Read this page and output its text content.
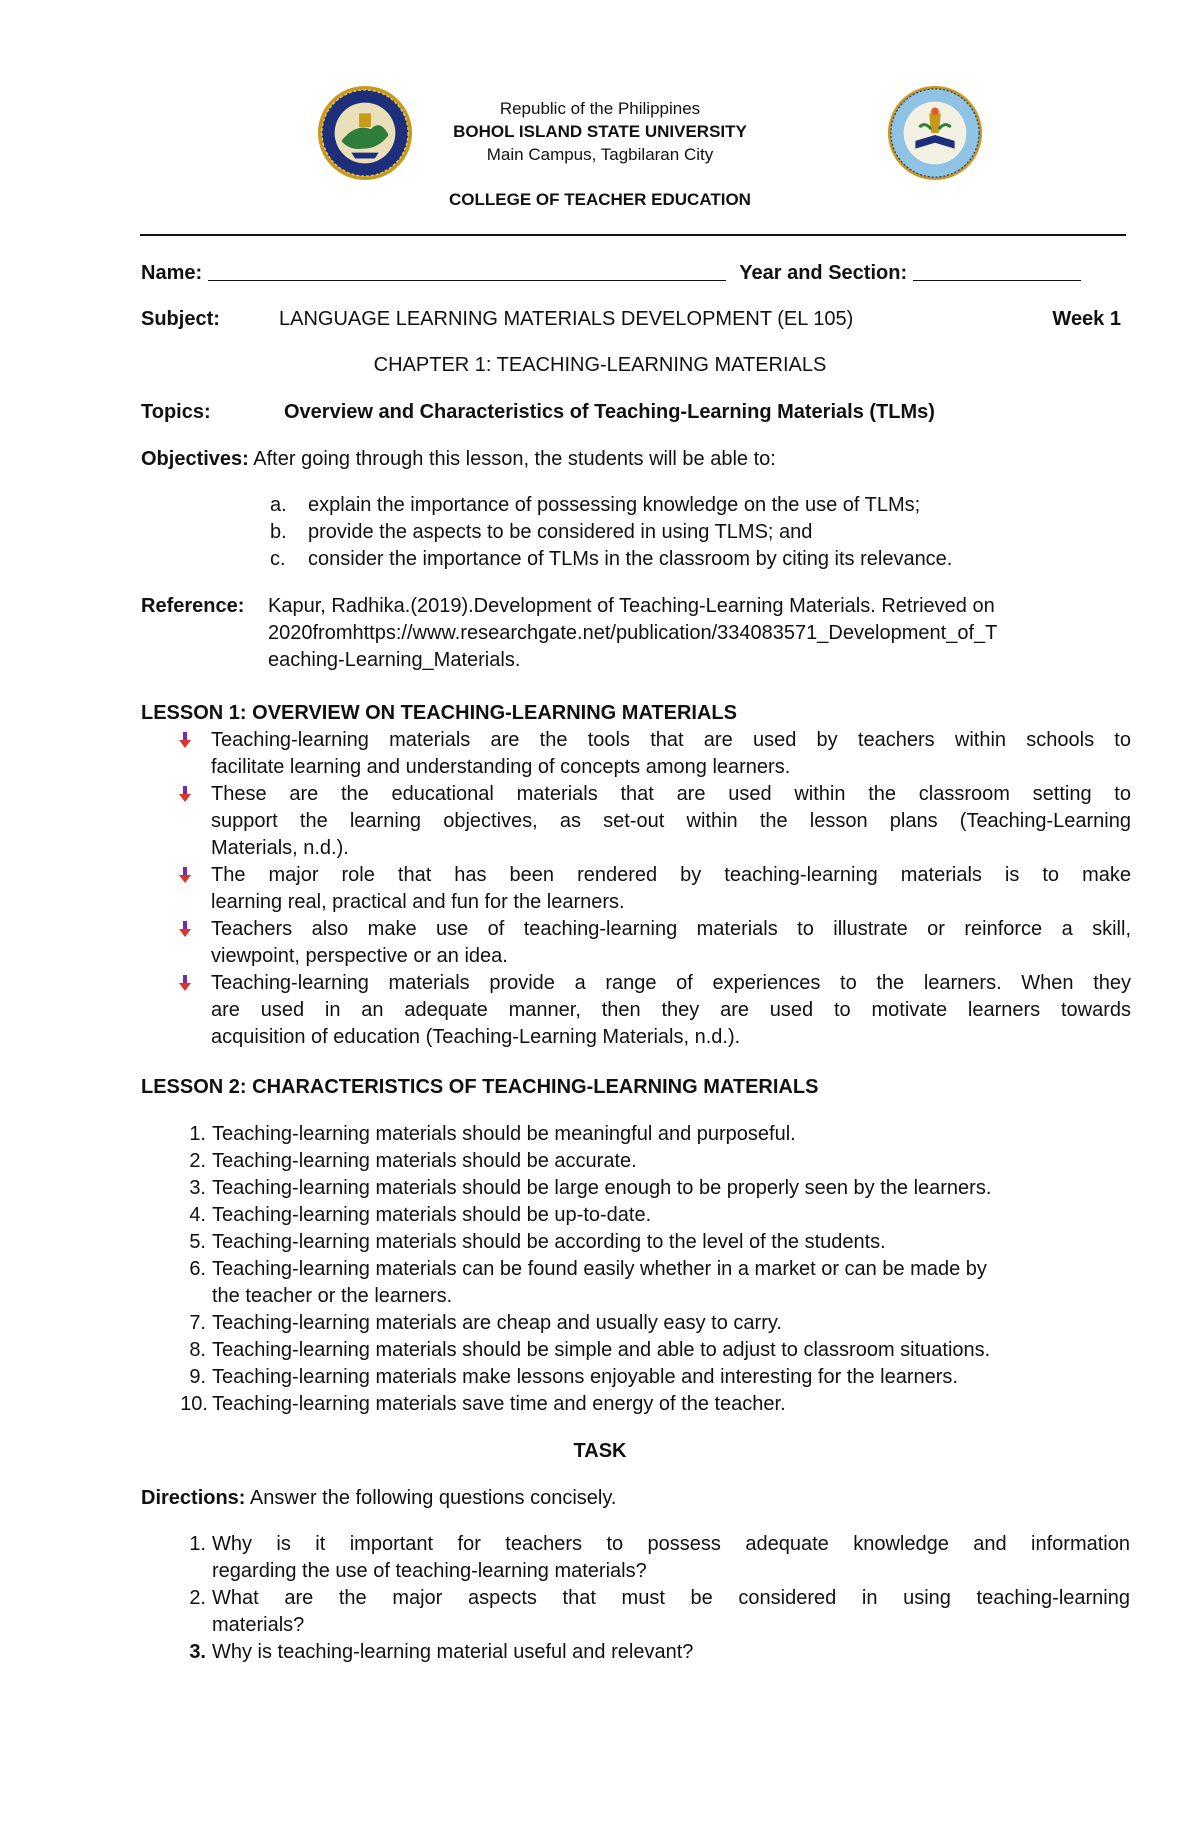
Republic of the Philippines
BOHOL ISLAND STATE UNIVERSITY
Main Campus, Tagbilaran City
COLLEGE OF TEACHER EDUCATION
Name:	Year and Section:
Subject:	LANGUAGE LEARNING MATERIALS DEVELOPMENT (EL 105)	Week 1
CHAPTER 1: TEACHING-LEARNING MATERIALS
Topics:	Overview and Characteristics of Teaching-Learning Materials (TLMs)
Objectives: After going through this lesson, the students will be able to:
a. explain the importance of possessing knowledge on the use of TLMs;
b. provide the aspects to be considered in using TLMS; and
c. consider the importance of TLMs in the classroom by citing its relevance.
Reference:	Kapur, Radhika.(2019).Development of Teaching-Learning Materials. Retrieved on
2020fromhttps://www.researchgate.net/publication/334083571_Development_of_T
eaching-Learning_Materials.
LESSON 1: OVERVIEW ON TEACHING-LEARNING MATERIALS
Teaching-learning materials are the tools that are used by teachers within schools to
facilitate learning and understanding of concepts among learners.
These are the educational materials that are used within the classroom setting to
support the learning objectives, as set-out within the lesson plans (Teaching-Learning
Materials, n.d.).
The major role that has been rendered by teaching-learning materials is to make
learning real, practical and fun for the learners.
Teachers also make use of teaching-learning materials to illustrate or reinforce a skill,
viewpoint, perspective or an idea.
Teaching-learning materials provide a range of experiences to the learners. When they
are used in an adequate manner, then they are used to motivate learners towards
acquisition of education (Teaching-Learning Materials, n.d.).
LESSON 2: CHARACTERISTICS OF TEACHING-LEARNING MATERIALS
1. Teaching-learning materials should be meaningful and purposeful.
2. Teaching-learning materials should be accurate.
3. Teaching-learning materials should be large enough to be properly seen by the learners.
4. Teaching-learning materials should be up-to-date.
5. Teaching-learning materials should be according to the level of the students.
6. Teaching-learning materials can be found easily whether in a market or can be made by
the teacher or the learners.
7. Teaching-learning materials are cheap and usually easy to carry.
8. Teaching-learning materials should be simple and able to adjust to classroom situations.
9. Teaching-learning materials make lessons enjoyable and interesting for the learners.
10. Teaching-learning materials save time and energy of the teacher.
TASK
Directions: Answer the following questions concisely.
1. Why is it important for teachers to possess adequate knowledge and information
regarding the use of teaching-learning materials?
2. What are the major aspects that must be considered in using teaching-learning
materials?
3. Why is teaching-learning material useful and relevant?
